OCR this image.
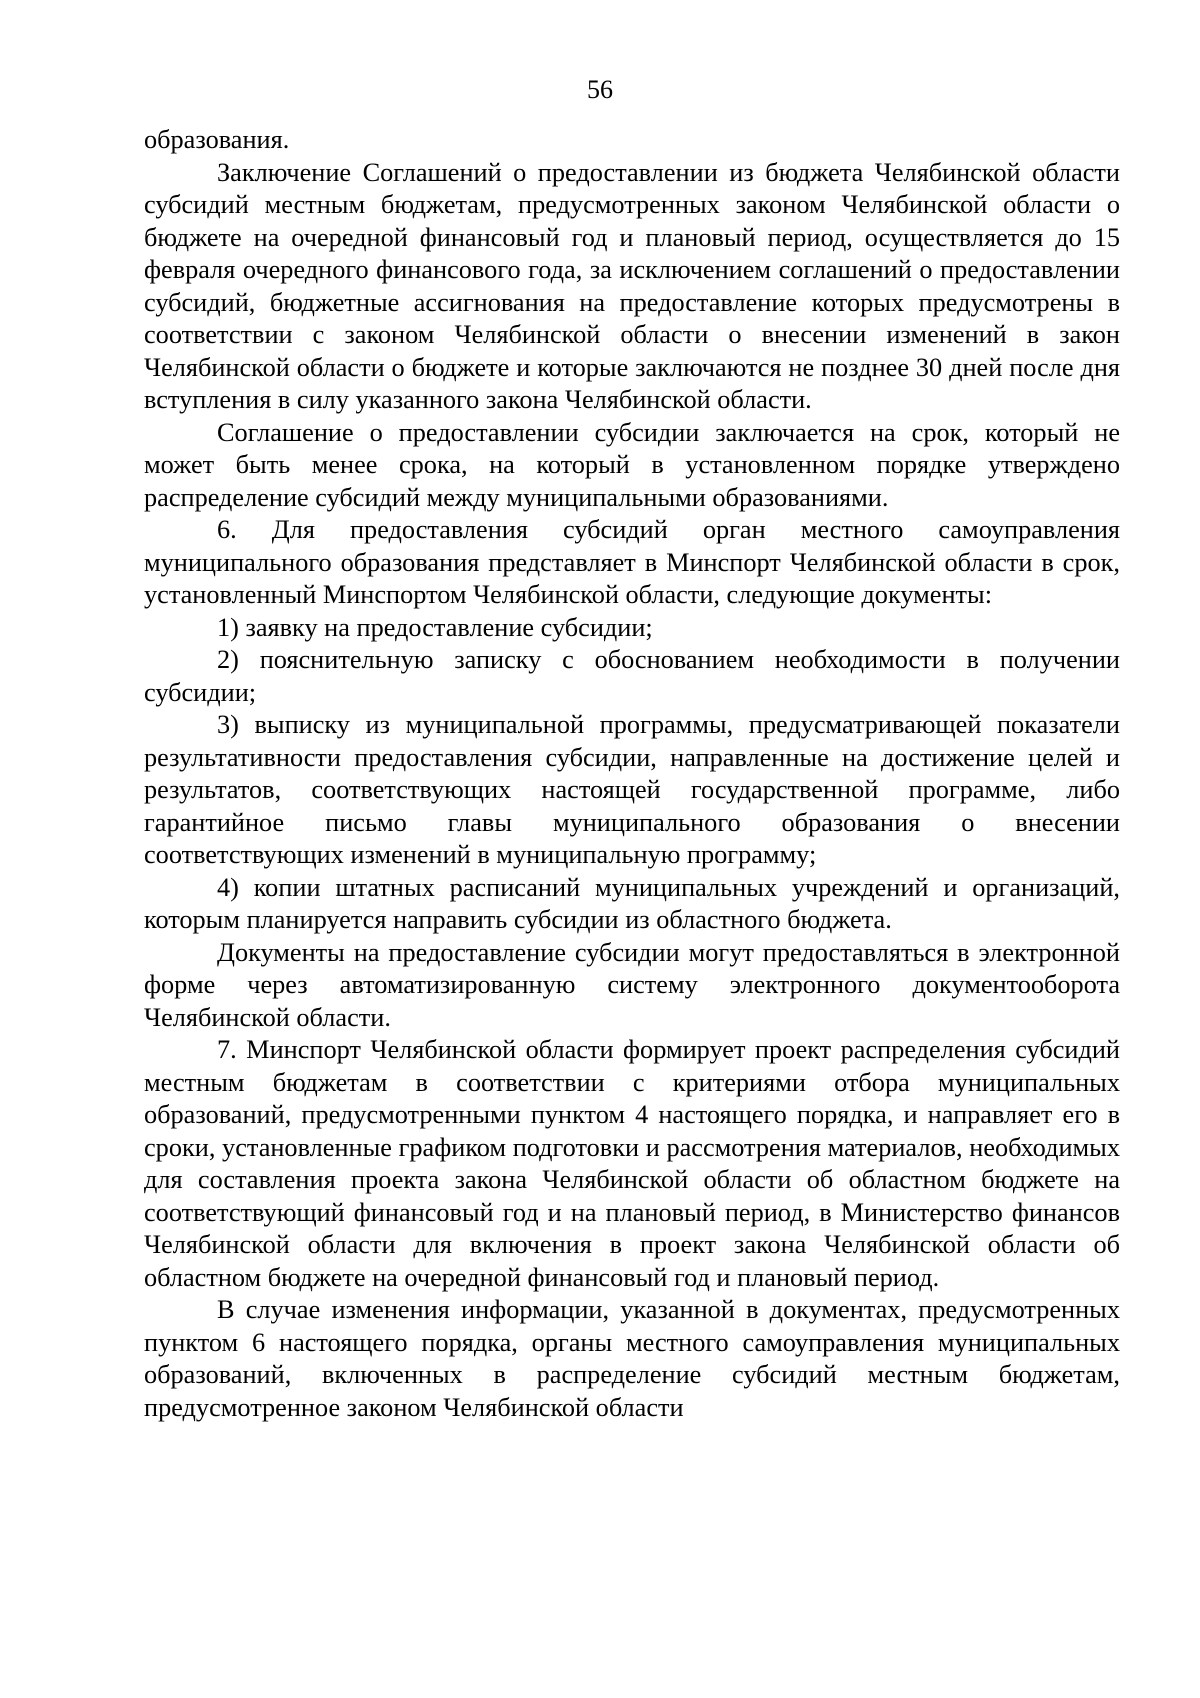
56

образования.

Заключение Соглашений о предоставлении из бюджета Челябинской области субсидий местным бюджетам, предусмотренных законом Челябинской области о бюджете на очередной финансовый год и плановый период, осуществляется до 15 февраля очередного финансового года, за исключением соглашений о предоставлении субсидий, бюджетные ассигнования на предоставление которых предусмотрены в соответствии с законом Челябинской области о внесении изменений в закон Челябинской области о бюджете и которые заключаются не позднее 30 дней после дня вступления в силу указанного закона Челябинской области.

Соглашение о предоставлении субсидии заключается на срок, который не может быть менее срока, на который в установленном порядке утверждено распределение субсидий между муниципальными образованиями.

6. Для предоставления субсидий орган местного самоуправления муниципального образования представляет в Минспорт Челябинской области в срок, установленный Минспортом Челябинской области, следующие документы:

1) заявку на предоставление субсидии;

2) пояснительную записку с обоснованием необходимости в получении субсидии;

3) выписку из муниципальной программы, предусматривающей показатели результативности предоставления субсидии, направленные на достижение целей и результатов, соответствующих настоящей государственной программе, либо гарантийное письмо главы муниципального образования о внесении соответствующих изменений в муниципальную программу;

4) копии штатных расписаний муниципальных учреждений и организаций, которым планируется направить субсидии из областного бюджета.

Документы на предоставление субсидии могут предоставляться в электронной форме через автоматизированную систему электронного документооборота Челябинской области.

7. Минспорт Челябинской области формирует проект распределения субсидий местным бюджетам в соответствии с критериями отбора муниципальных образований, предусмотренными пунктом 4 настоящего порядка, и направляет его в сроки, установленные графиком подготовки и рассмотрения материалов, необходимых для составления проекта закона Челябинской области об областном бюджете на соответствующий финансовый год и на плановый период, в Министерство финансов Челябинской области для включения в проект закона Челябинской области об областном бюджете на очередной финансовый год и плановый период.

В случае изменения информации, указанной в документах, предусмотренных пунктом 6 настоящего порядка, органы местного самоуправления муниципальных образований, включенных в распределение субсидий местным бюджетам, предусмотренное законом Челябинской области
